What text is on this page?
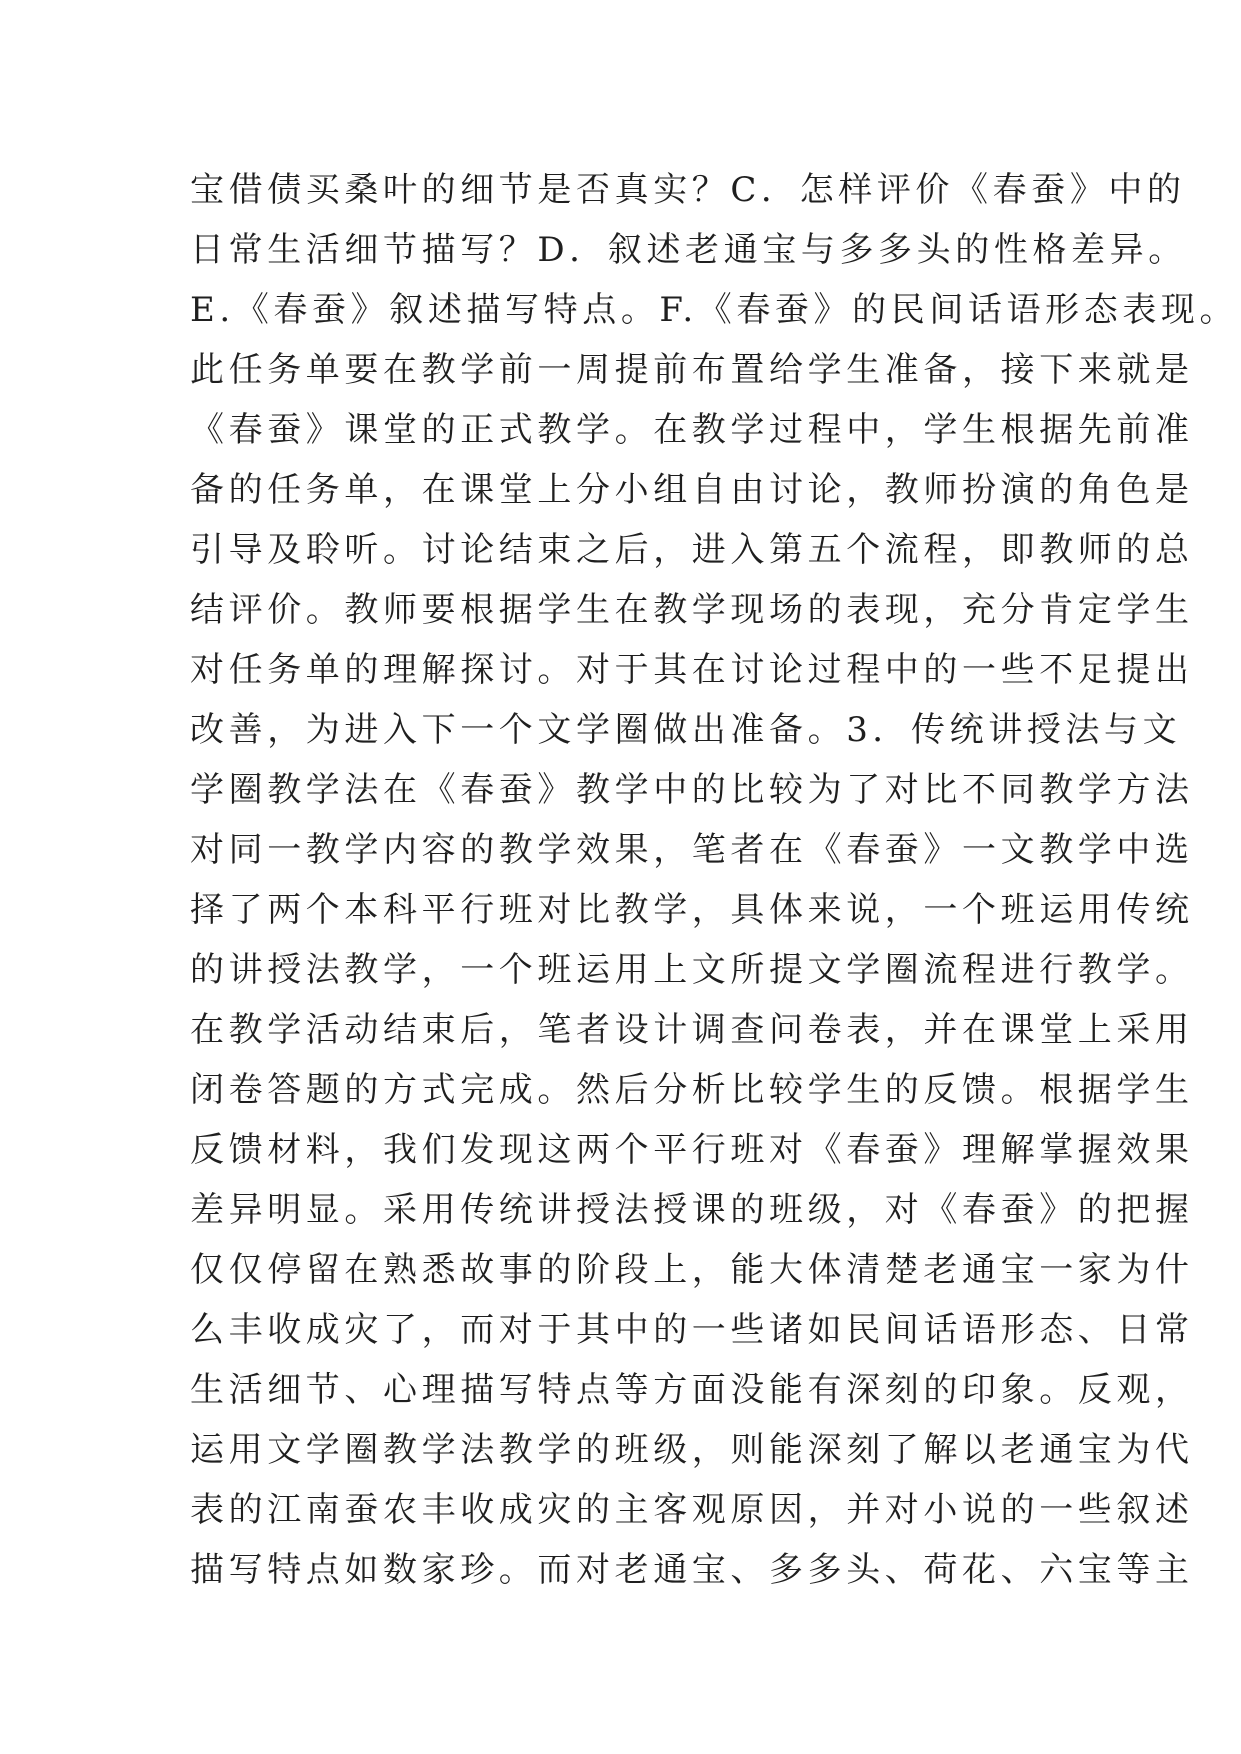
宝借债买桑叶的细节是否真实？C．怎样评价《春蚕》中的
日常生活细节描写？D．叙述老通宝与多多头的性格差异。
E.《春蚕》叙述描写特点。F.《春蚕》的民间话语形态表现。
此任务单要在教学前一周提前布置给学生准备，接下来就是
《春蚕》课堂的正式教学。在教学过程中，学生根据先前准
备的任务单，在课堂上分小组自由讨论，教师扮演的角色是
引导及聆听。讨论结束之后，进入第五个流程，即教师的总
结评价。教师要根据学生在教学现场的表现，充分肯定学生
对任务单的理解探讨。对于其在讨论过程中的一些不足提出
改善，为进入下一个文学圈做出准备。3．传统讲授法与文
学圈教学法在《春蚕》教学中的比较为了对比不同教学方法
对同一教学内容的教学效果，笔者在《春蚕》一文教学中选
择了两个本科平行班对比教学，具体来说，一个班运用传统
的讲授法教学，一个班运用上文所提文学圈流程进行教学。
在教学活动结束后，笔者设计调查问卷表，并在课堂上采用
闭卷答题的方式完成。然后分析比较学生的反馈。根据学生
反馈材料，我们发现这两个平行班对《春蚕》理解掌握效果
差异明显。采用传统讲授法授课的班级，对《春蚕》的把握
仅仅停留在熟悉故事的阶段上，能大体清楚老通宝一家为什
么丰收成灾了，而对于其中的一些诸如民间话语形态、日常
生活细节、心理描写特点等方面没能有深刻的印象。反观，
运用文学圈教学法教学的班级，则能深刻了解以老通宝为代
表的江南蚕农丰收成灾的主客观原因，并对小说的一些叙述
描写特点如数家珍。而对老通宝、多多头、荷花、六宝等主
